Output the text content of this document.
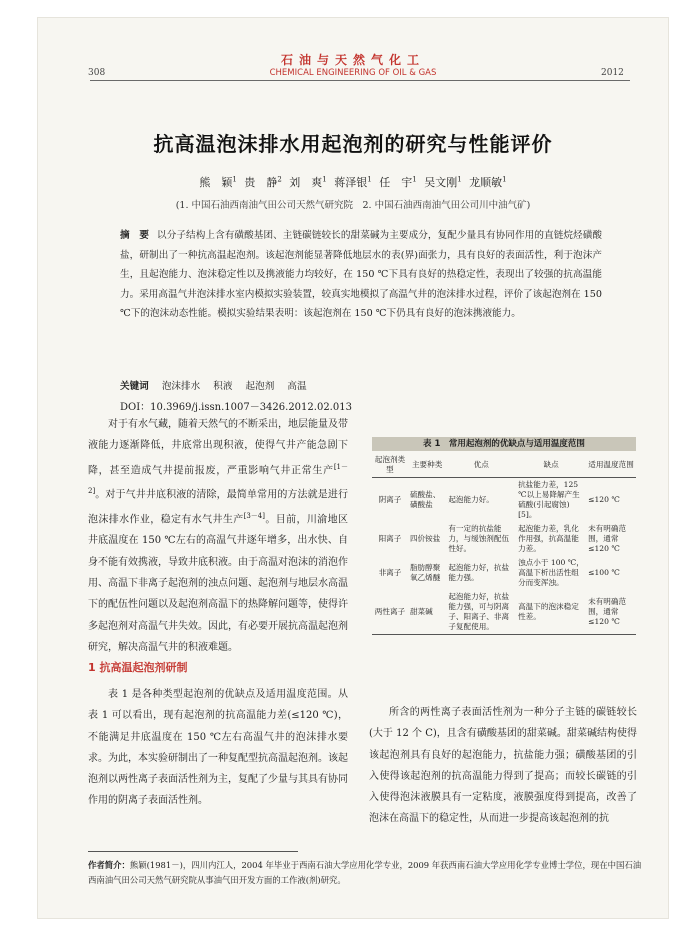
石油与天然气化工
CHEMICAL ENGINEERING OF OIL & GAS
308	2012
抗高温泡沫排水用起泡剂的研究与性能评价
熊　颖$^1$ 贵　静$^2$ 刘　爽$^1$ 蒋泽银$^1$ 任　宇$^1$ 吴文刚$^1$ 龙顺敏$^1$
(1. 中国石油西南油气田公司天然气研究院　2. 中国石油西南油气田公司川中油气矿)
摘　要 以分子结构上含有磺酸基团、主链碳链较长的甜菜碱为主要成分，复配少量具有协同作用的直链烷烃磺酸盐，研制出了一种抗高温起泡剂。该起泡剂能显著降低地层水的表(界)面张力，具有良好的表面活性，利于泡沫产生，且起泡能力、泡沫稳定性以及携液能力均较好，在 150 ℃下具有良好的热稳定性，表现出了较强的抗高温能力。采用高温气井泡沫排水室内模拟实验装置，较真实地模拟了高温气井的泡沫排水过程，评价了该起泡剂在 150 ℃下的泡沫动态性能。模拟实验结果表明：该起泡剂在 150 ℃下仍具有良好的泡沫携液能力。
关键词 泡沫排水 积液 起泡剂 高温
DOI：10.3969/j.issn.1007－3426.2012.02.013
对于有水气藏，随着天然气的不断采出，地层能量及带液能力逐渐降低，井底常出现积液，使得气井产能急剧下降，甚至造成气井提前报废，严重影响气井正常生产[1－2]。对于气井井底积液的清除，最简单常用的方法就是进行泡沫排水作业，稳定有水气井生产[3－4]。目前，川渝地区井底温度在 150 ℃左右的高温气井逐年增多，出水快、自身不能有效携液，导致井底积液。由于高温对泡沫的消泡作用、高温下非离子起泡剂的浊点问题、起泡剂与地层水高温下的配伍性问题以及起泡剂高温下的热降解问题等，使得许多起泡剂对高温气井失效。因此，有必要开展抗高温起泡剂研究，解决高温气井的积液难题。
1 抗高温起泡剂研制
表 1 是各种类型起泡剂的优缺点及适用温度范围。从表 1 可以看出，现有起泡剂的抗高温能力差(≤120 ℃)，不能满足井底温度在 150 ℃左右高温气井的泡沫排水要求。为此，本实验研制出了一种复配型抗高温起泡剂。该起泡剂以两性离子表面活性剂为主，复配了少量与其具有协同作用的阴离子表面活性剂。
表 1　常用起泡剂的优缺点与适用温度范围
起泡剂类型	主要种类	优点	缺点	适用温度范围
阴离子	硫酸盐、磺酸盐	起泡能力好。	抗盐能力差，125 ℃以上易降解产生硫酸(引起腐蚀)[5]。	≤120 ℃
阳离子	四价铵盐	有一定的抗盐能力，与缓蚀剂配伍性好。	起泡能力差，乳化作用强，抗高温能力差。	未有明确范围，通常≤120 ℃
非离子	脂肪醇聚氧乙烯醚	起泡能力好，抗盐能力强。	浊点小于 100 ℃，高温下析出活性组分而变浑浊。	≤100 ℃
两性离子	甜菜碱	起泡能力好，抗盐能力强，可与阴离子、阳离子、非离子复配使用。	高温下的泡沫稳定性差。	未有明确范围，通常≤120 ℃
所含的两性离子表面活性剂为一种分子主链的碳链较长(大于 12 个 C)，且含有磺酸基团的甜菜碱。甜菜碱结构使得该起泡剂具有良好的起泡能力，抗盐能力强；磺酸基团的引入使得该起泡剂的抗高温能力得到了提高；而较长碳链的引入使得泡沫液膜具有一定粘度，液膜强度得到提高，改善了泡沫在高温下的稳定性，从而进一步提高该起泡剂的抗
作者简介：熊颖(1981－)，四川内江人，2004 年毕业于西南石油大学应用化学专业，2009 年获西南石油大学应用化学专业博士学位，现在中国石油西南油气田公司天然气研究院从事油气田开发方面的工作液(剂)研究。
